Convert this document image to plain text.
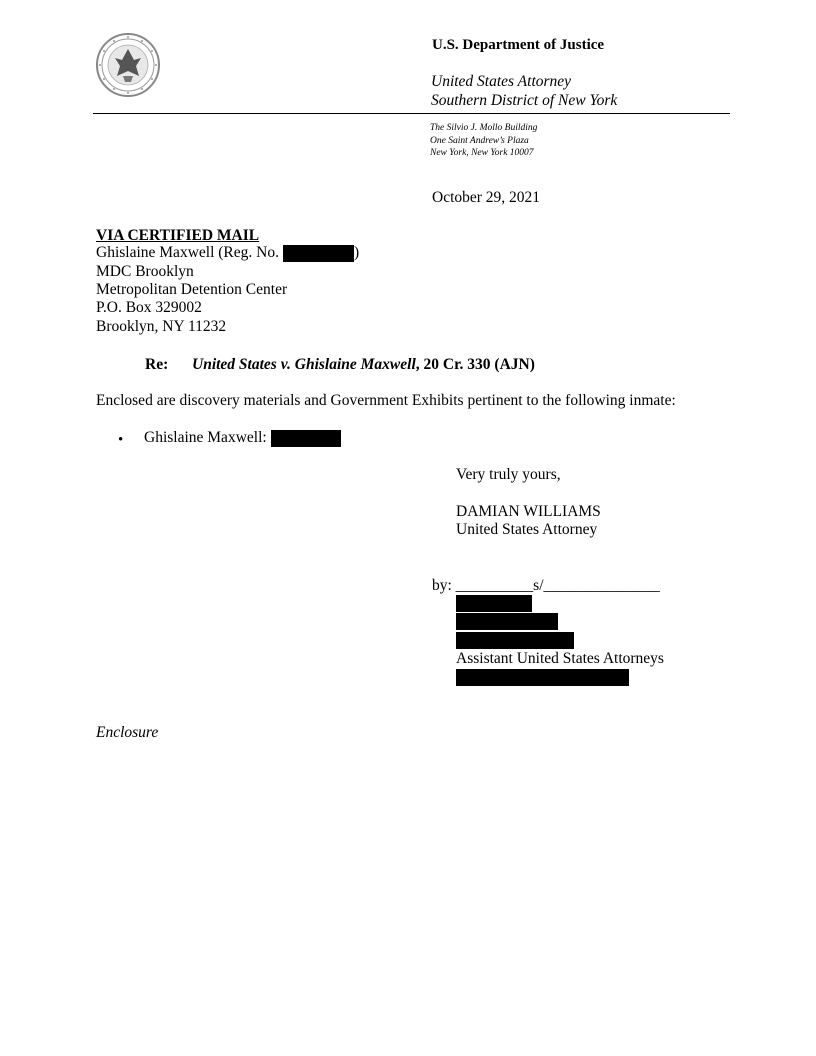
U.S. Department of Justice
United States Attorney
Southern District of New York
The Silvio J. Mollo Building
One Saint Andrew’s Plaza
New York, New York 10007
October 29, 2021
VIA CERTIFIED MAIL
Ghislaine Maxwell (Reg. No.	)
MDC Brooklyn
Metropolitan Detention Center
P.O. Box 329002
Brooklyn, NY 11232
Re: United States v. Ghislaine Maxwell, 20 Cr. 330 (AJN)
Enclosed are discovery materials and Government Exhibits pertinent to the following inmate:
• Ghislaine Maxwell:
Very truly yours,
DAMIAN WILLIAMS
United States Attorney
by: __________s/_______________
Assistant United States Attorneys
Enclosure
